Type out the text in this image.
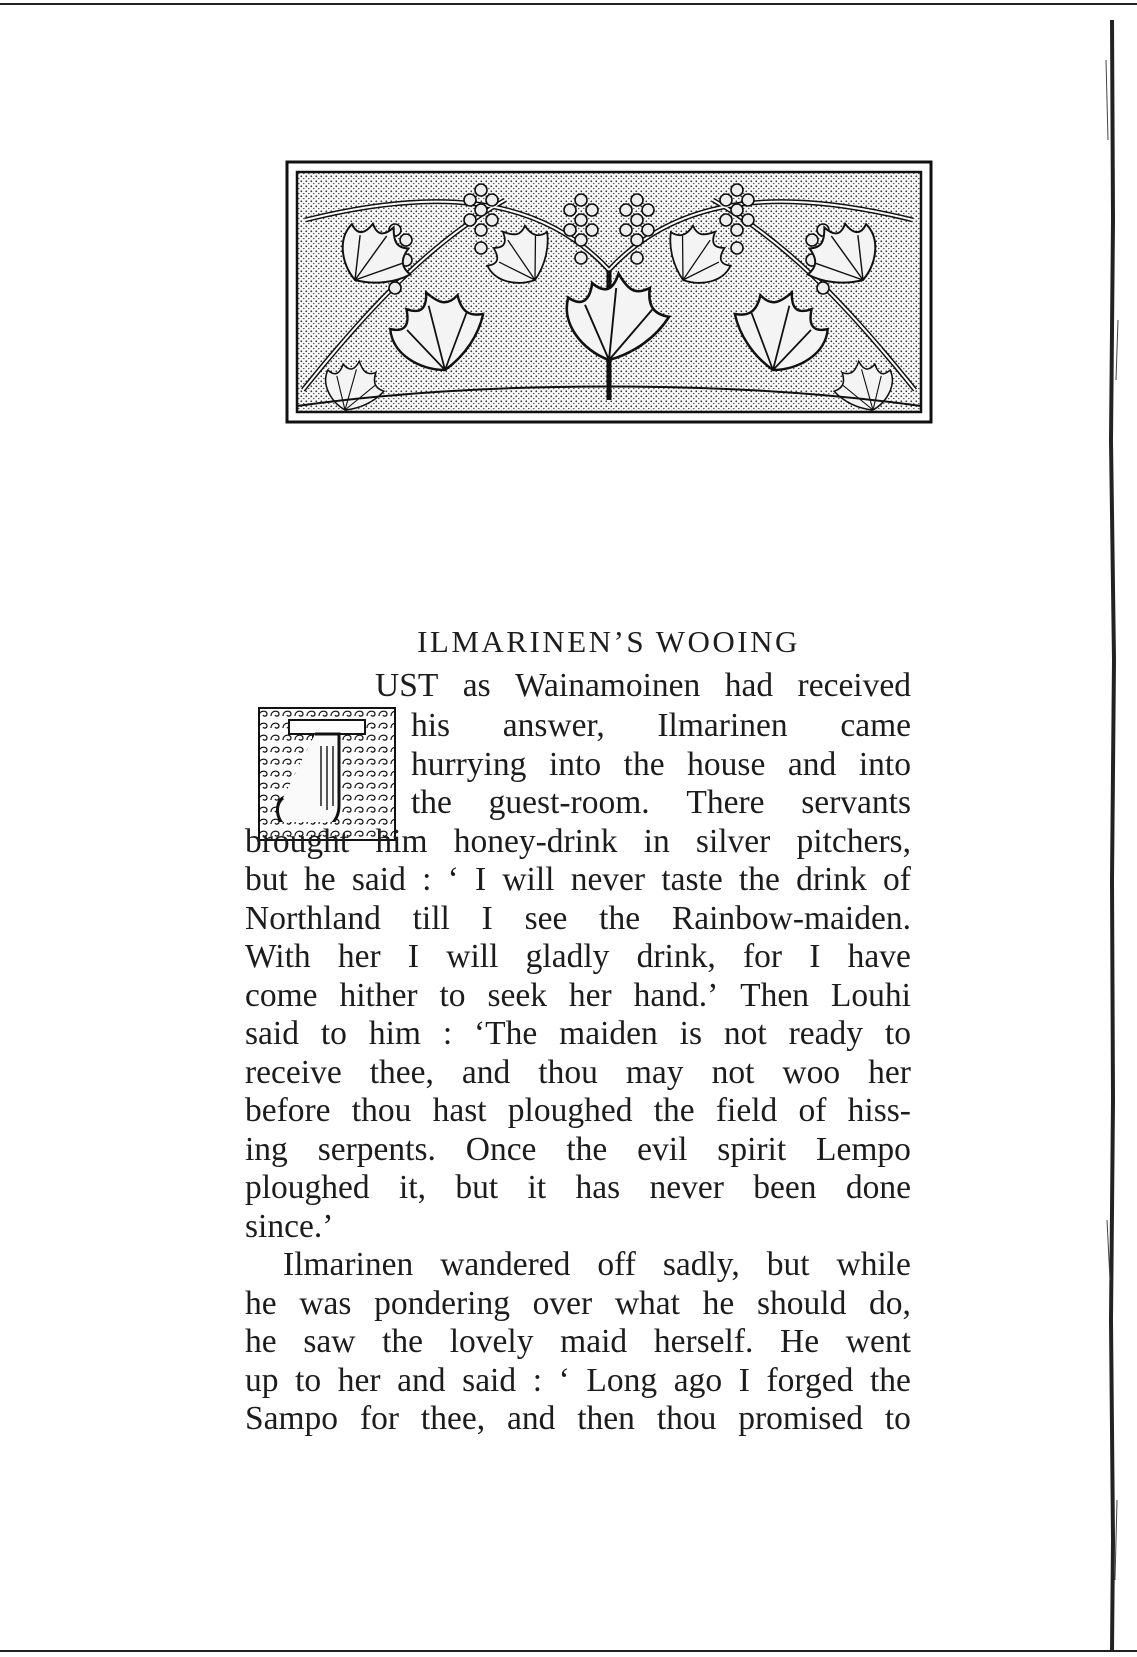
ILMARINEN’S WOOING
UST as Wainamoinen had received
his answer, Ilmarinen came
hurrying into the house and into
the guest-room. There servants
brought him honey-drink in silver pitchers,
but he said : ‘ I will never taste the drink of
Northland till I see the Rainbow-maiden.
With her I will gladly drink, for I have
come hither to seek her hand.’ Then Louhi
said to him : ‘The maiden is not ready to
receive thee, and thou may not woo her
before thou hast ploughed the field of hiss-
ing serpents. Once the evil spirit Lempo
ploughed it, but it has never been done
since.’
Ilmarinen wandered off sadly, but while
he was pondering over what he should do,
he saw the lovely maid herself. He went
up to her and said : ‘ Long ago I forged the
Sampo for thee, and then thou promised to
